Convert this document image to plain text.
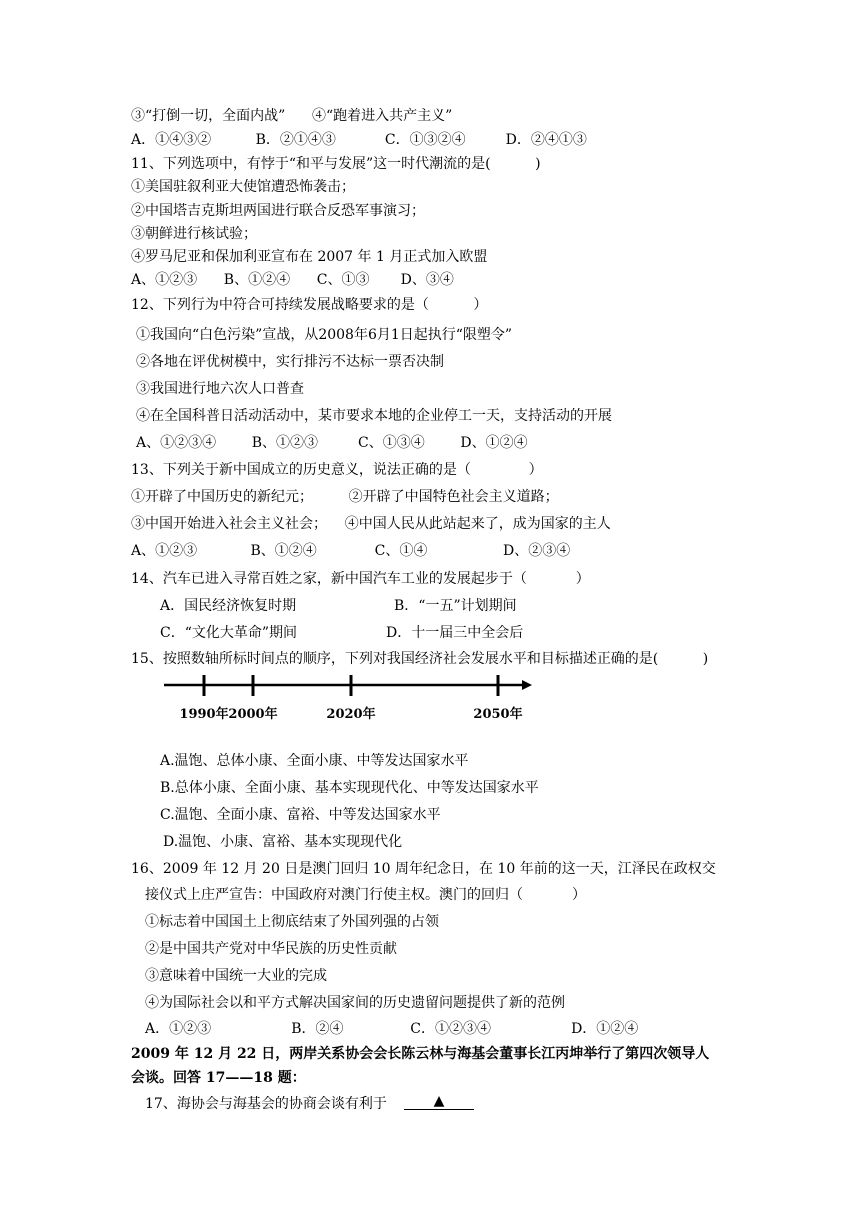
③“打倒一切，全面内战”      ④“跑着进入共产主义”
A．①④③②          B．②①④③           C．①③②④         D．②④①③
11、下列选项中，有悖于“和平与发展”这一时代潮流的是(          )
①美国驻叙利亚大使馆遭恐怖袭击；
②中国塔吉克斯坦两国进行联合反恐军事演习；
③朝鲜进行核试验；
④罗马尼亚和保加利亚宣布在 2007 年 1 月正式加入欧盟
A、①②③      B、①②④      C、①③       D、③④
12、下列行为中符合可持续发展战略要求的是（          ）
①我国向“白色污染”宣战，从2008年6月1日起执行“限塑令”
②各地在评优树模中，实行排污不达标一票否决制
③我国进行地六次人口普查
④在全国科普日活动活动中，某市要求本地的企业停工一天，支持活动的开展
A、①②③④        B、①②③         C、①③④        D、①②④
13、下列关于新中国成立的历史意义，说法正确的是（             ）
①开辟了中国历史的新纪元；        ②开辟了中国特色社会主义道路；
③中国开始进入社会主义社会；    ④中国人民从此站起来了，成为国家的主人
A、①②③            B、①②④             C、①④                 D、②③④
14、汽车已进入寻常百姓之家，新中国汽车工业的发展起步于（           ）
A．国民经济恢复时期                      B．“一五”计划期间
C．“文化大革命”期间                    D．十一届三中全会后
15、按照数轴所标时间点的顺序，下列对我国经济社会发展水平和目标描述正确的是(          )
A.温饱、总体小康、全面小康、中等发达国家水平
B.总体小康、全面小康、基本实现现代化、中等发达国家水平
C.温饱、全面小康、富裕、中等发达国家水平
D.温饱、小康、富裕、基本实现现代化
16、2009 年 12 月 20 日是澳门回归 10 周年纪念日，在 10 年前的这一天，江泽民在政权交
接仪式上庄严宣告：中国政府对澳门行使主权。澳门的回归（           ）
①标志着中国国土上彻底结束了外国列强的占领
②是中国共产党对中华民族的历史性贡献
③意味着中国统一大业的完成
④为国际社会以和平方式解决国家间的历史遗留问题提供了新的范例
A．①②③                  B．②④               C．①②③④                  D．①②④
2009 年 12 月 22 日，两岸关系协会会长陈云林与海基会董事长江丙坤举行了第四次领导人
会谈。回答 17——18 题：
17、海协会与海基会的协商会谈有利于	▲
1990年 2000年	2020年	2050年
